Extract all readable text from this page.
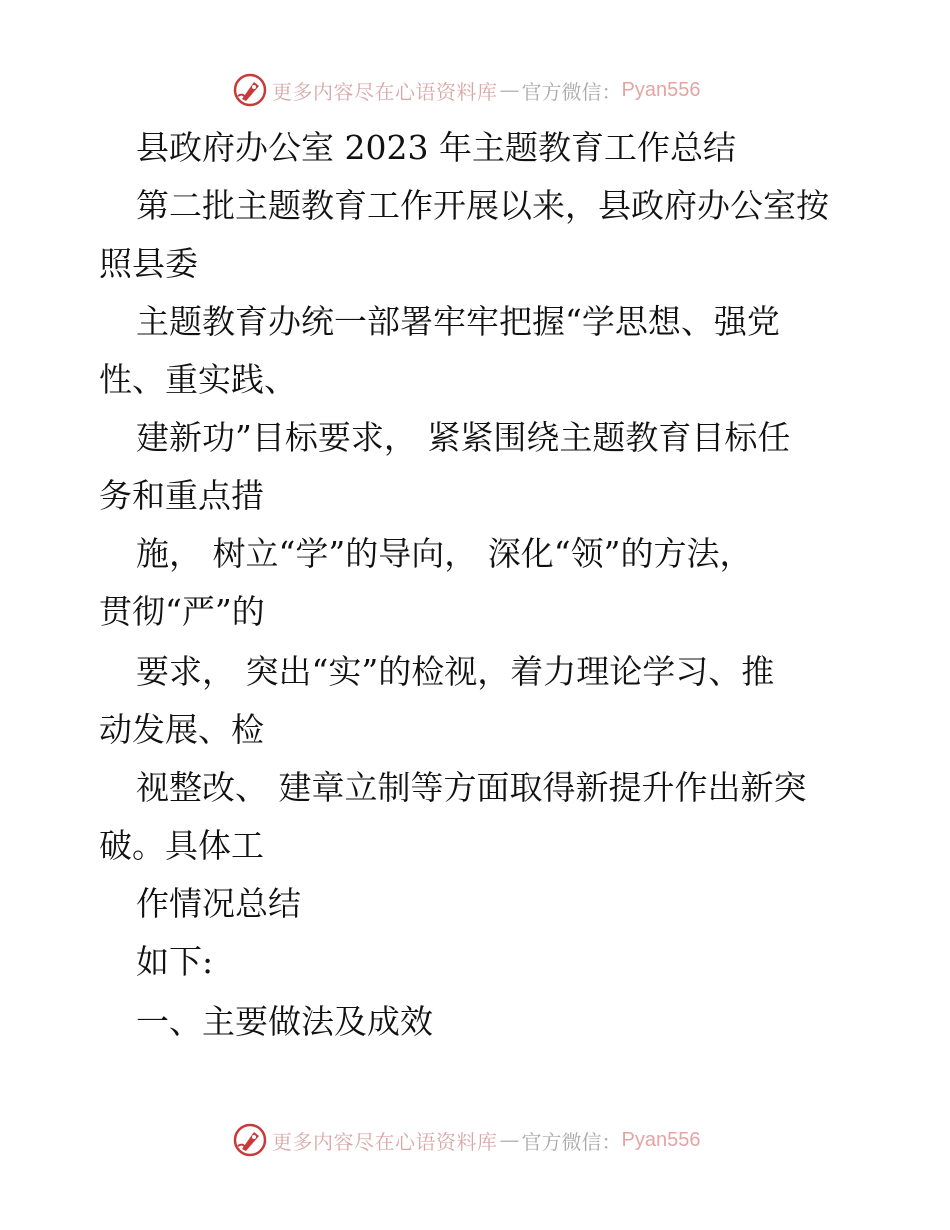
更多内容尽在心语资料库 — 官方微信： Pyan556
县政府办公室 2023 年主题教育工作总结
第二批主题教育工作开展以来，县政府办公室按
照县委
主题教育办统一部署牢牢把握“学思想、强党
性、重实践、
建新功”目标要求， 紧紧围绕主题教育目标任
务和重点措
施， 树立“学”的导向， 深化“领”的方法，
贯彻“严”的
要求， 突出“实”的检视，着力理论学习、推
动发展、检
视整改、 建章立制等方面取得新提升作出新突
破。具体工
作情况总结
如下:
一、主要做法及成效
更多内容尽在心语资料库 — 官方微信： Pyan556
